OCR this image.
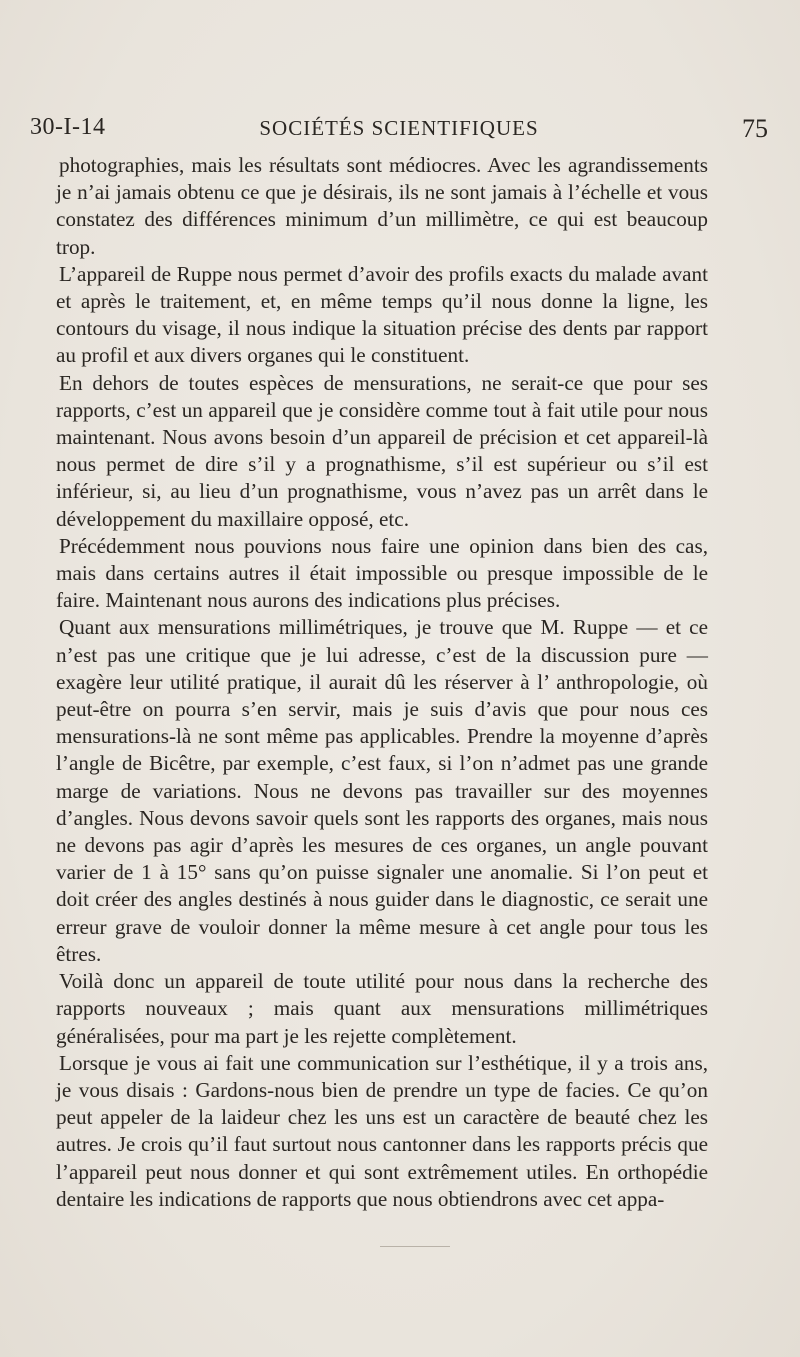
30-I-14	SOCIÉTÉS SCIENTIFIQUES	75

photographies, mais les résultats sont médiocres. Avec les agrandissements je n’ai jamais obtenu ce que je désirais, ils ne sont jamais à l’échelle et vous constatez des différences minimum d’un millimètre, ce qui est beaucoup trop.

L’appareil de Ruppe nous permet d’avoir des profils exacts du malade avant et après le traitement, et, en même temps qu’il nous donne la ligne, les contours du visage, il nous indique la situation précise des dents par rapport au profil et aux divers organes qui le constituent.

En dehors de toutes espèces de mensurations, ne serait-ce que pour ses rapports, c’est un appareil que je considère comme tout à fait utile pour nous maintenant. Nous avons besoin d’un appareil de précision et cet appareil-là nous permet de dire s’il y a prognathisme, s’il est supérieur ou s’il est inférieur, si, au lieu d’un prognathisme, vous n’avez pas un arrêt dans le développement du maxillaire opposé, etc.

Précédemment nous pouvions nous faire une opinion dans bien des cas, mais dans certains autres il était impossible ou presque impossible de le faire. Maintenant nous aurons des indications plus précises.

Quant aux mensurations millimétriques, je trouve que M. Ruppe — et ce n’est pas une critique que je lui adresse, c’est de la discussion pure — exagère leur utilité pratique, il aurait dû les réserver à l’ anthropologie, où peut-être on pourra s’en servir, mais je suis d’avis que pour nous ces mensurations-là ne sont même pas applicables. Prendre la moyenne d’après l’angle de Bicêtre, par exemple, c’est faux, si l’on n’admet pas une grande marge de variations. Nous ne devons pas travailler sur des moyennes d’angles. Nous devons savoir quels sont les rapports des organes, mais nous ne devons pas agir d’après les mesures de ces organes, un angle pouvant varier de 1 à 15° sans qu’on puisse signaler une anomalie. Si l’on peut et doit créer des angles destinés à nous guider dans le diagnostic, ce serait une erreur grave de vouloir donner la même mesure à cet angle pour tous les êtres.

Voilà donc un appareil de toute utilité pour nous dans la recherche des rapports nouveaux ; mais quant aux mensurations millimétriques généralisées, pour ma part je les rejette complètement.

Lorsque je vous ai fait une communication sur l’esthétique, il y a trois ans, je vous disais : Gardons-nous bien de prendre un type de facies. Ce qu’on peut appeler de la laideur chez les uns est un caractère de beauté chez les autres. Je crois qu’il faut surtout nous cantonner dans les rapports précis que l’appareil peut nous donner et qui sont extrêmement utiles. En orthopédie dentaire les indications de rapports que nous obtiendrons avec cet appa-
